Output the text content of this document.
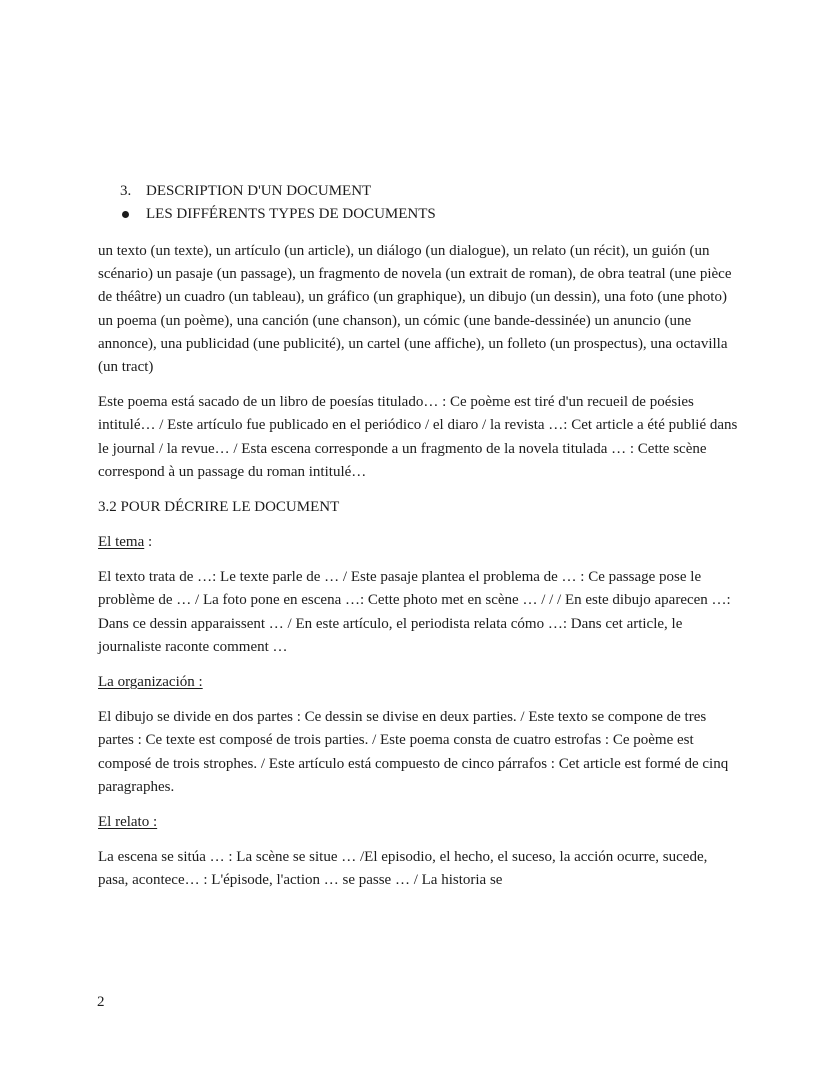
3. DESCRIPTION D'UN DOCUMENT
LES DIFFÉRENTS TYPES DE DOCUMENTS

un texto (un texte), un artículo (un article), un diálogo (un dialogue), un relato (un récit), un guión (un scénario) un pasaje (un passage), un fragmento de novela (un extrait de roman), de obra teatral (une pièce de théâtre) un cuadro (un tableau), un gráfico (un graphique), un dibujo (un dessin), una foto (une photo) un poema (un poème), una canción (une chanson), un cómic (une bande-dessinée) un anuncio (une annonce), una publicidad (une publicité), un cartel (une affiche), un folleto (un prospectus), una octavilla (un tract)

Este poema está sacado de un libro de poesías titulado… : Ce poème est tiré d'un recueil de poésies intitulé… / Este artículo fue publicado en el periódico / el diaro / la revista …: Cet article a été publié dans le journal / la revue… / Esta escena corresponde a un fragmento de la novela titulada … : Cette scène correspond à un passage du roman intitulé…

3.2 POUR DÉCRIRE LE DOCUMENT

El tema :

El texto trata de …: Le texte parle de … / Este pasaje plantea el problema de … : Ce passage pose le problème de … / La foto pone en escena …: Cette photo met en scène … / / / En este dibujo aparecen …: Dans ce dessin apparaissent … / En este artículo, el periodista relata cómo …: Dans cet article, le journaliste raconte comment …

La organización :

El dibujo se divide en dos partes : Ce dessin se divise en deux parties. / Este texto se compone de tres partes : Ce texte est composé de trois parties. / Este poema consta de cuatro estrofas : Ce poème est composé de trois strophes. / Este artículo está compuesto de cinco párrafos : Cet article est formé de cinq paragraphes.

El relato :

La escena se sitúa … : La scène se situe … /El episodio, el hecho, el suceso, la acción ocurre, sucede, pasa, acontece… : L'épisode, l'action … se passe … / La historia se

2
